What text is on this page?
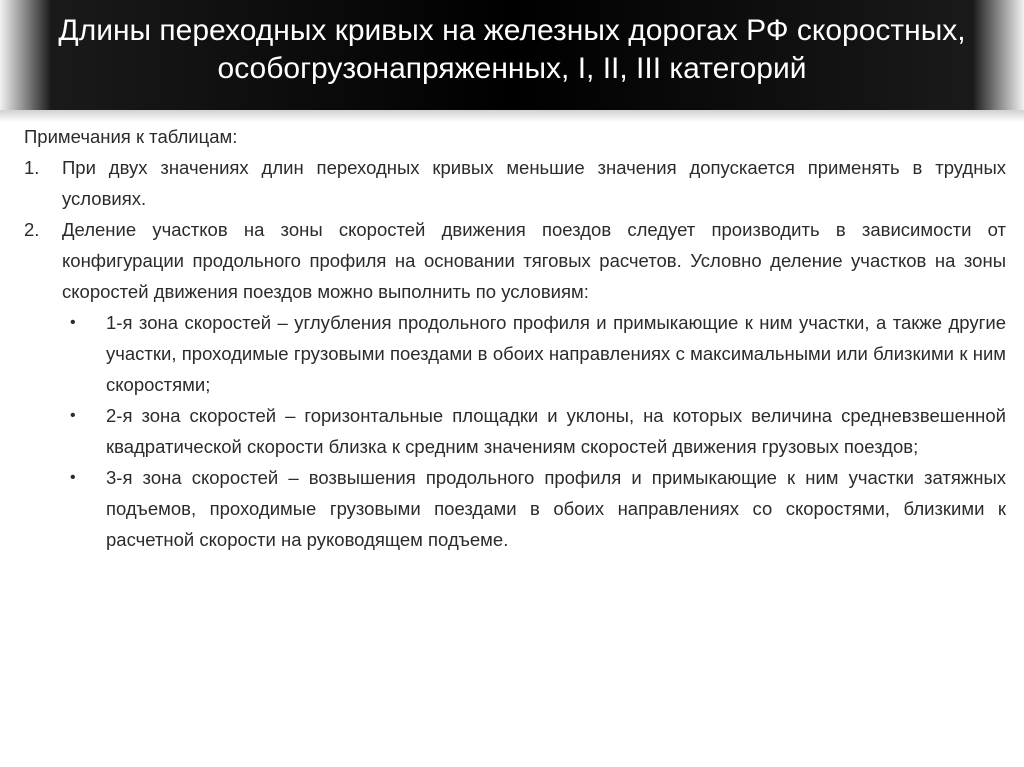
Длины переходных кривых на железных дорогах РФ скоростных,
особогрузонапряженных, I, II, III категорий

Примечания к таблицам:

1.	При двух значениях длин переходных кривых меньшие значения допускается применять в трудных условиях.
2.	Деление участков на зоны скоростей движения поездов следует производить в зависимости от конфигурации продольного профиля на основании тяговых расчетов. Условно деление участков на зоны скоростей движения поездов можно выполнить по условиям:
•	1-я зона скоростей – углубления продольного профиля и примыкающие к ним участки, а также другие участки, проходимые грузовыми поездами в обоих направлениях с максимальными или близкими к ним скоростями;
•	2-я зона скоростей – горизонтальные площадки и уклоны, на которых величина средневзвешенной квадратической скорости близка к средним значениям скоростей движения грузовых поездов;
•	3-я зона скоростей – возвышения продольного профиля и примыкающие к ним участки затяжных подъемов, проходимые грузовыми поездами в обоих направлениях со скоростями, близкими к расчетной скорости на руководящем подъеме.
